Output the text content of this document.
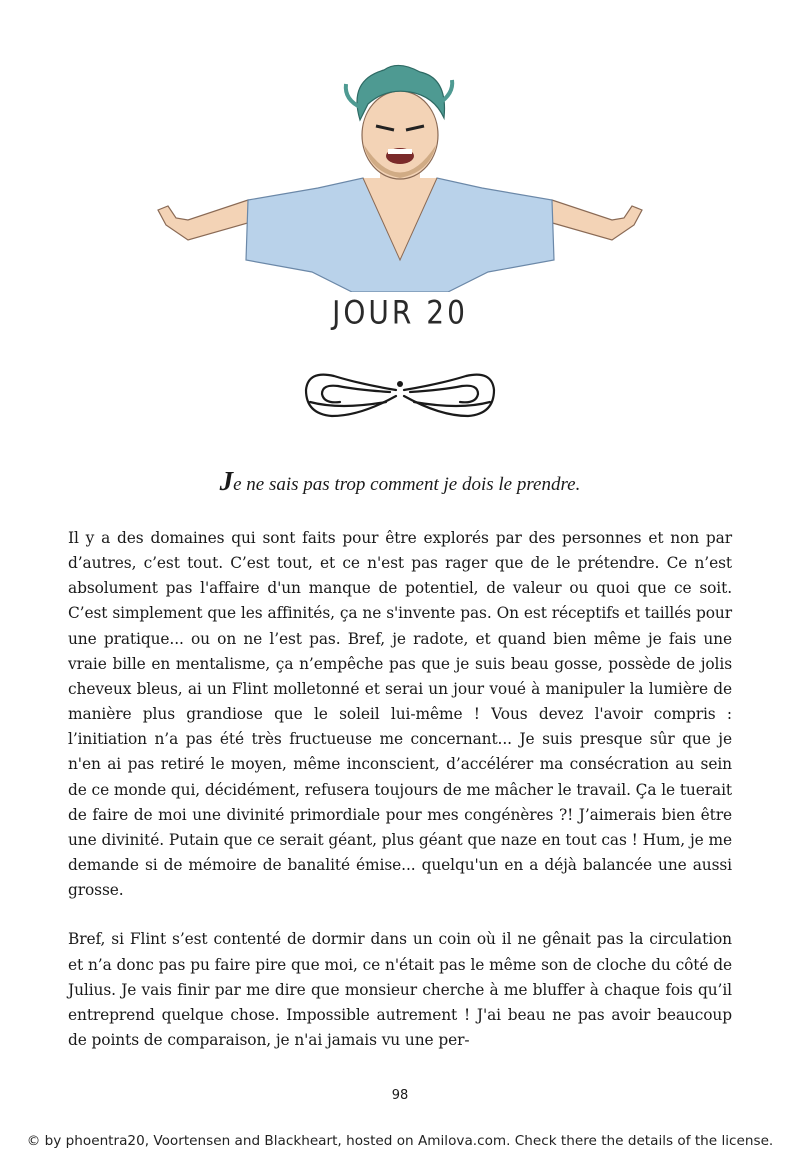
JOUR 20
Je ne sais pas trop comment je dois le prendre.

Il y a des domaines qui sont faits pour être explorés par des personnes et non par d’autres, c’est tout. C’est tout, et ce n'est pas rager que de le prétendre. Ce n’est absolument pas l'affaire d'un manque de potentiel, de valeur ou quoi que ce soit. C’est simplement que les affinités, ça ne s'invente pas. On est réceptifs et taillés pour une pratique... ou on ne l’est pas. Bref, je radote, et quand bien même je fais une vraie bille en mentalisme, ça n’empêche pas que je suis beau gosse, possède de jolis cheveux bleus, ai un Flint molletonné et serai un jour voué à manipuler la lumière de manière plus grandiose que le soleil lui-même ! Vous devez l'avoir compris : l’initiation n’a pas été très fructueuse me concernant... Je suis presque sûr que je n'en ai pas retiré le moyen, même inconscient, d’accélérer ma consécration au sein de ce monde qui, décidément, refusera toujours de me mâcher le travail. Ça le tuerait de faire de moi une divinité primordiale pour mes congénères ?! J’aimerais bien être une divinité. Putain que ce serait géant, plus géant que naze en tout cas ! Hum, je me demande si de mémoire de banalité émise... quelqu'un en a déjà balancée une aussi grosse.

Bref, si Flint s’est contenté de dormir dans un coin où il ne gênait pas la circulation et n’a donc pas pu faire pire que moi, ce n'était pas le même son de cloche du côté de Julius. Je vais finir par me dire que monsieur cherche à me bluffer à chaque fois qu’il entreprend quelque chose. Impossible autrement ! J'ai beau ne pas avoir beaucoup de points de comparaison, je n'ai jamais vu une per-

98
© by phoentra20, Voortensen and Blackheart, hosted on Amilova.com. Check there the details of the license.
